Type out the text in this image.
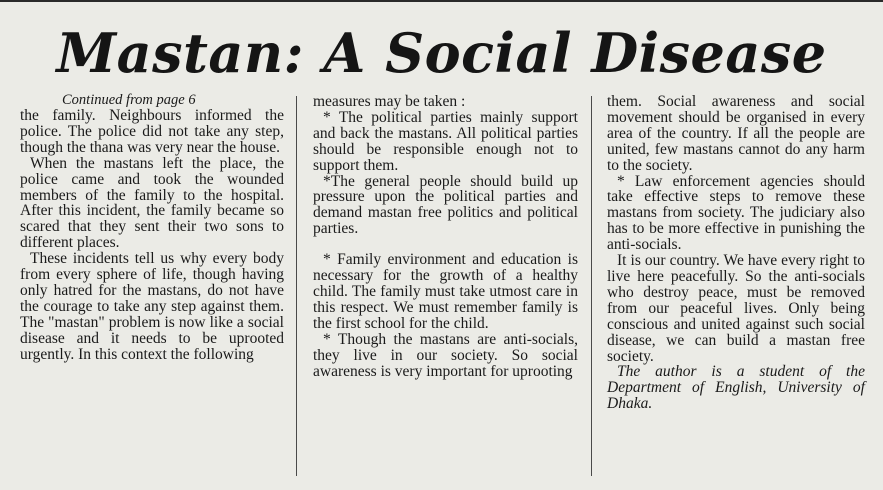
Mastan: A Social Disease
Continued from page 6

the family. Neighbours informed the police. The police did not take any step, though the thana was very near the house.

When the mastans left the place, the police came and took the wounded members of the family to the hospital. After this incident, the family became so scared that they sent their two sons to different places.

These incidents tell us why every body from every sphere of life, though having only hatred for the mastans, do not have the courage to take any step against them. The "mastan" problem is now like a social disease and it needs to be uprooted urgently. In this context the following

measures may be taken :

* The political parties mainly support and back the mastans. All political parties should be responsible enough not to support them.

*The general people should build up pressure upon the political parties and demand mastan free politics and political parties.

* Family environment and education is necessary for the growth of a healthy child. The family must take utmost care in this respect. We must remember family is the first school for the child.

* Though the mastans are anti-socials, they live in our society. So social awareness is very important for uprooting

them. Social awareness and social movement should be organised in every area of the country. If all the people are united, few mastans cannot do any harm to the society.

* Law enforcement agencies should take effective steps to remove these mastans from society. The judiciary also has to be more effective in punishing the anti-socials.

It is our country. We have every right to live here peacefully. So the anti-socials who destroy peace, must be removed from our peaceful lives. Only being conscious and united against such social disease, we can build a mastan free society.

The author is a student of the Department of English, University of Dhaka.
